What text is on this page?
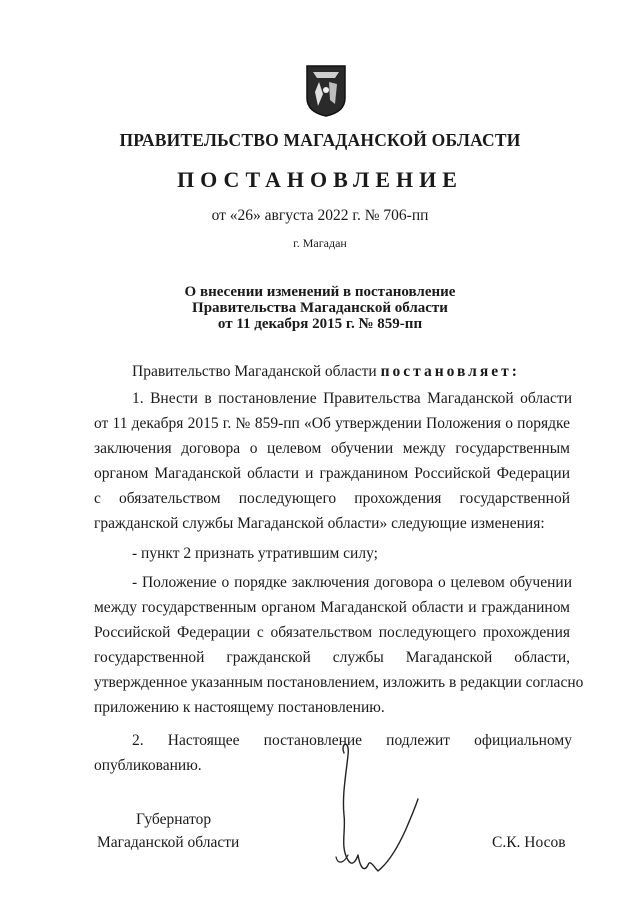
ПРАВИТЕЛЬСТВО МАГАДАНСКОЙ ОБЛАСТИ
ПОСТАНОВЛЕНИЕ
от «26» августа 2022 г. № 706-пп
г. Магадан
О внесении изменений в постановление
Правительства Магаданской области
от 11 декабря 2015 г. № 859-пп
Правительство Магаданской области постановляет:
1. Внести в постановление Правительства Магаданской области
от 11 декабря 2015 г. № 859-пп «Об утверждении Положения о порядке
заключения договора о целевом обучении между государственным
органом Магаданской области и гражданином Российской Федерации
с обязательством последующего прохождения государственной
гражданской службы Магаданской области» следующие изменения:
- пункт 2 признать утратившим силу;
- Положение о порядке заключения договора о целевом обучении
между государственным органом Магаданской области и гражданином
Российской Федерации с обязательством последующего прохождения
государственной гражданской службы Магаданской области,
утвержденное указанным постановлением, изложить в редакции согласно
приложению к настоящему постановлению.
2. Настоящее постановление подлежит официальному
опубликованию.
Губернатор
Магаданской области	С.К. Носов
